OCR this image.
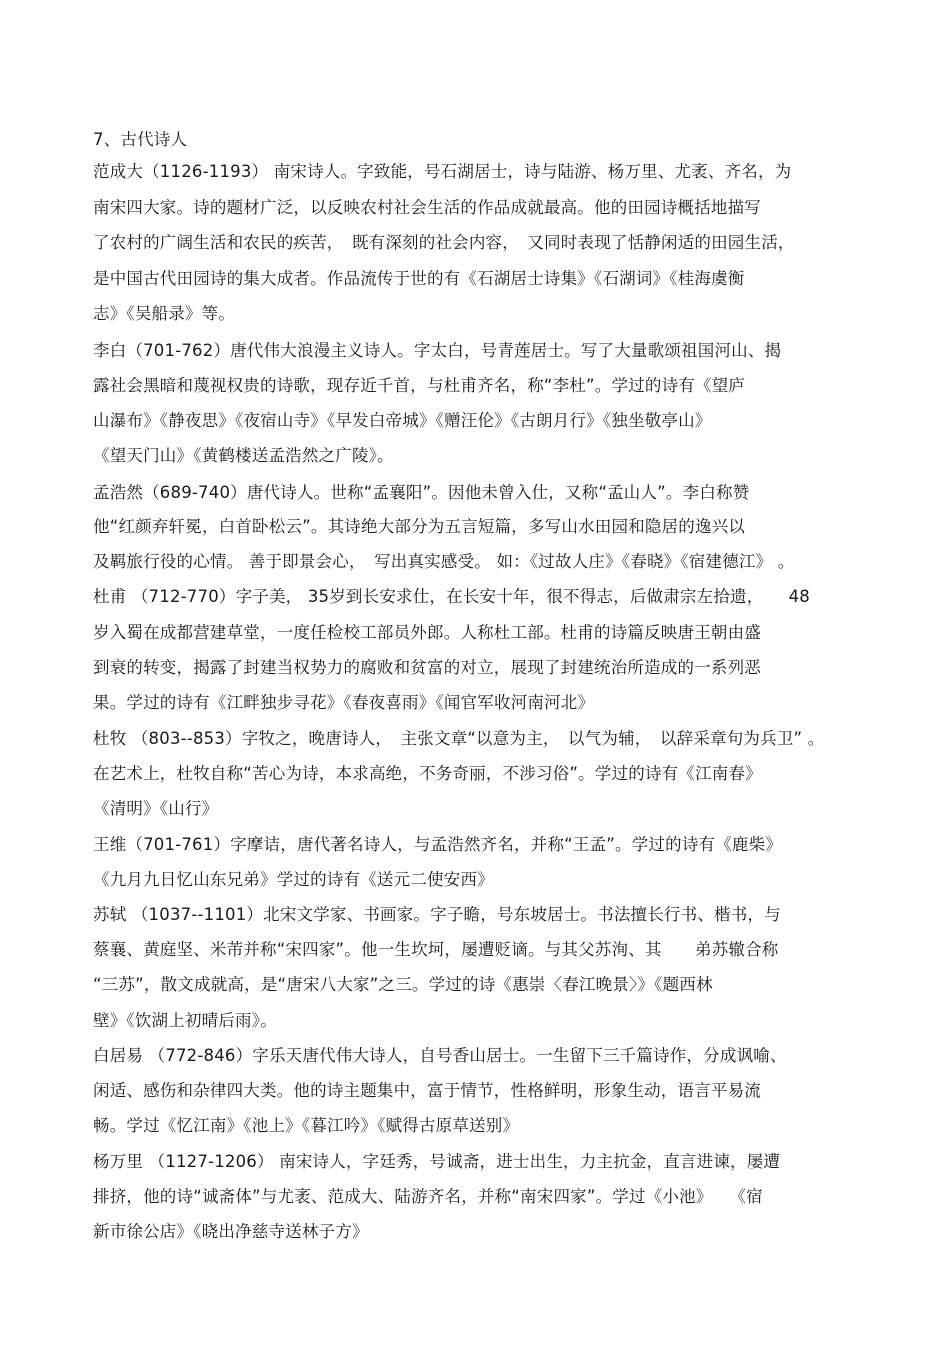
7、古代诗人
范成大（1126-1193） 南宋诗人。字致能，号石湖居士，诗与陆游、杨万里、尤袤、齐名，为
南宋四大家。诗的题材广泛，以反映农村社会生活的作品成就最高。他的田园诗概括地描写
了农村的广阔生活和农民的疾苦，　既有深刻的社会内容，　又同时表现了恬静闲适的田园生活，
是中国古代田园诗的集大成者。作品流传于世的有《石湖居士诗集》《石湖词》《桂海虞衡
志》《吴船录》等。
李白（701-762）唐代伟大浪漫主义诗人。字太白，号青莲居士。写了大量歌颂祖国河山、揭
露社会黑暗和蔑视权贵的诗歌，现存近千首，与杜甫齐名，称“李杜”。学过的诗有《望庐
山瀑布》《静夜思》《夜宿山寺》《早发白帝城》《赠汪伦》《古朗月行》《独坐敬亭山》
《望天门山》《黄鹤楼送孟浩然之广陵》。
孟浩然（689-740）唐代诗人。世称“孟襄阳”。因他未曾入仕，又称“孟山人”。李白称赞
他“红颜弃轩冕，白首卧松云”。其诗绝大部分为五言短篇，多写山水田园和隐居的逸兴以
及羁旅行役的心情。 善于即景会心，　写出真实感受。 如：《过故人庄》《春晓》《宿建德江》 。
杜甫 （712-770）字子美， 35岁到长安求仕，在长安十年，很不得志，后做肃宗左拾遗，　　48
岁入蜀在成都营建草堂，一度任检校工部员外郎。人称杜工部。杜甫的诗篇反映唐王朝由盛
到衰的转变，揭露了封建当权势力的腐败和贫富的对立，展现了封建统治所造成的一系列恶
果。学过的诗有《江畔独步寻花》《春夜喜雨》《闻官军收河南河北》
杜牧 （803--853）字牧之，晚唐诗人，　主张文章“以意为主，　以气为辅，　以辞采章句为兵卫” 。
在艺术上，杜牧自称“苦心为诗，本求高绝，不务奇丽，不涉习俗”。学过的诗有《江南春》
《清明》《山行》
王维（701-761）字摩诘，唐代著名诗人，与孟浩然齐名，并称“王孟”。学过的诗有《鹿柴》
《九月九日忆山东兄弟》学过的诗有《送元二使安西》
苏轼 （1037--1101）北宋文学家、书画家。字子瞻，号东坡居士。书法擅长行书、楷书，与
蔡襄、黄庭坚、米芾并称“宋四家”。他一生坎坷，屡遭贬谪。与其父苏洵、其　　弟苏辙合称
“三苏”，散文成就高，是“唐宋八大家”之三。学过的诗《惠崇〈春江晚景〉》《题西林
壁》《饮湖上初晴后雨》。
白居易 （772-846）字乐天唐代伟大诗人，自号香山居士。一生留下三千篇诗作，分成讽喻、
闲适、感伤和杂律四大类。他的诗主题集中，富于情节，性格鲜明，形象生动，语言平易流
畅。学过《忆江南》《池上》《暮江吟》《赋得古原草送别》
杨万里 （1127-1206） 南宋诗人，字廷秀，号诚斋，进士出生，力主抗金，直言进谏，屡遭
排挤，他的诗“诚斋体”与尤袤、范成大、陆游齐名，并称“南宋四家”。学过《小池》　　《宿
新市徐公店》《晓出净慈寺送林子方》
